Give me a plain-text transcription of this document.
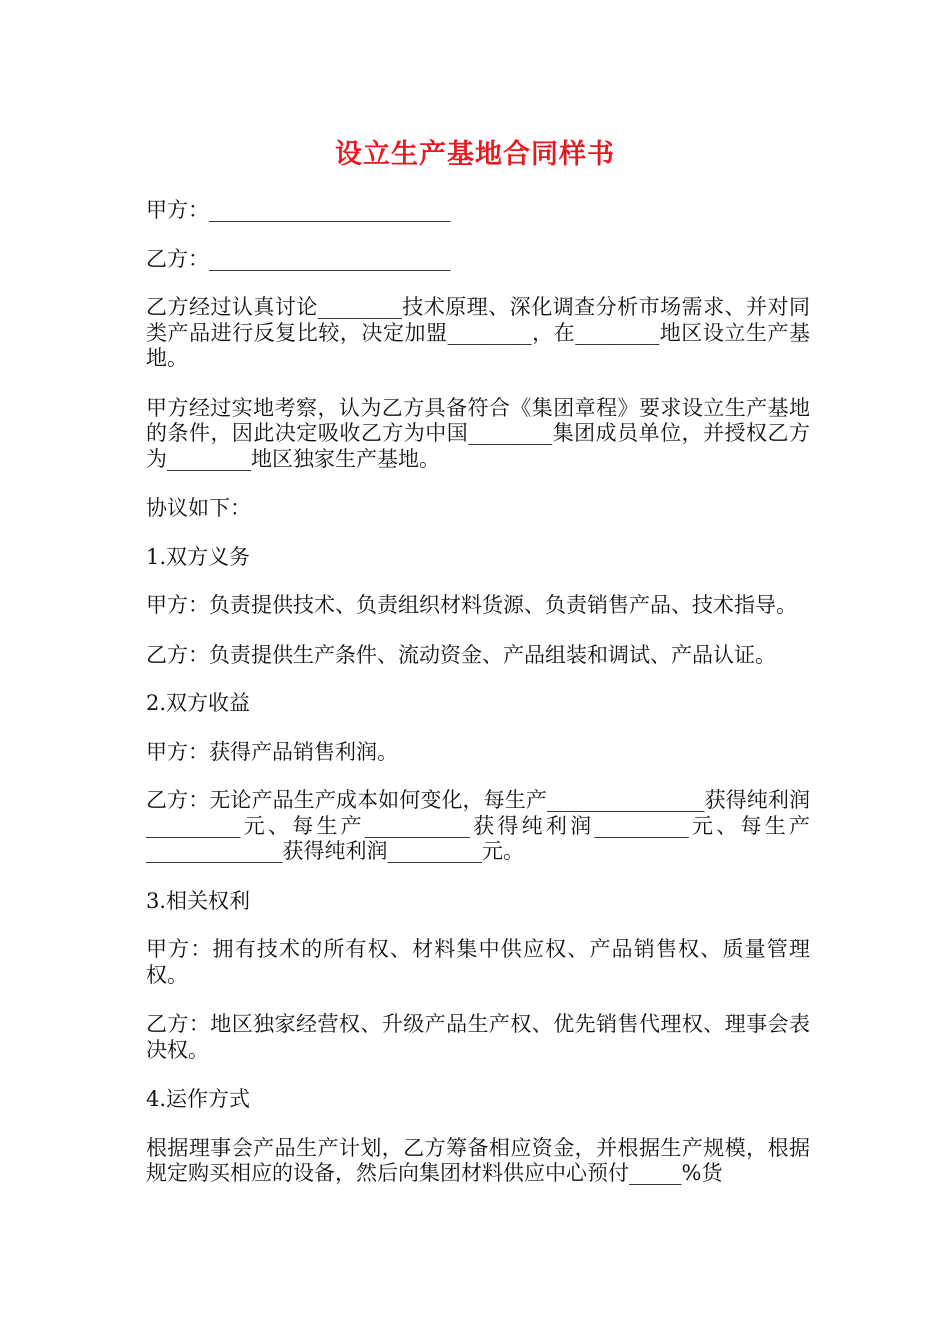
设立生产基地合同样书

甲方：_______________________

乙方：_______________________

乙方经过认真讨论________技术原理、深化调查分析市场需求、并对同类产品进行反复比较，决定加盟________，在________地区设立生产基地。

甲方经过实地考察，认为乙方具备符合《集团章程》要求设立生产基地的条件，因此决定吸收乙方为中国________集团成员单位，并授权乙方为________地区独家生产基地。

协议如下：

1.双方义务

甲方：负责提供技术、负责组织材料货源、负责销售产品、技术指导。

乙方：负责提供生产条件、流动资金、产品组装和调试、产品认证。

2.双方收益

甲方：获得产品销售利润。

乙方：无论产品生产成本如何变化，每生产_______________获得纯利润_________元、每生产__________获得纯利润_________元、每生产_____________获得纯利润_________元。

3.相关权利

甲方：拥有技术的所有权、材料集中供应权、产品销售权、质量管理权。

乙方：地区独家经营权、升级产品生产权、优先销售代理权、理事会表决权。

4.运作方式

根据理事会产品生产计划，乙方筹备相应资金，并根据生产规模，根据规定购买相应的设备，然后向集团材料供应中心预付_____%货
